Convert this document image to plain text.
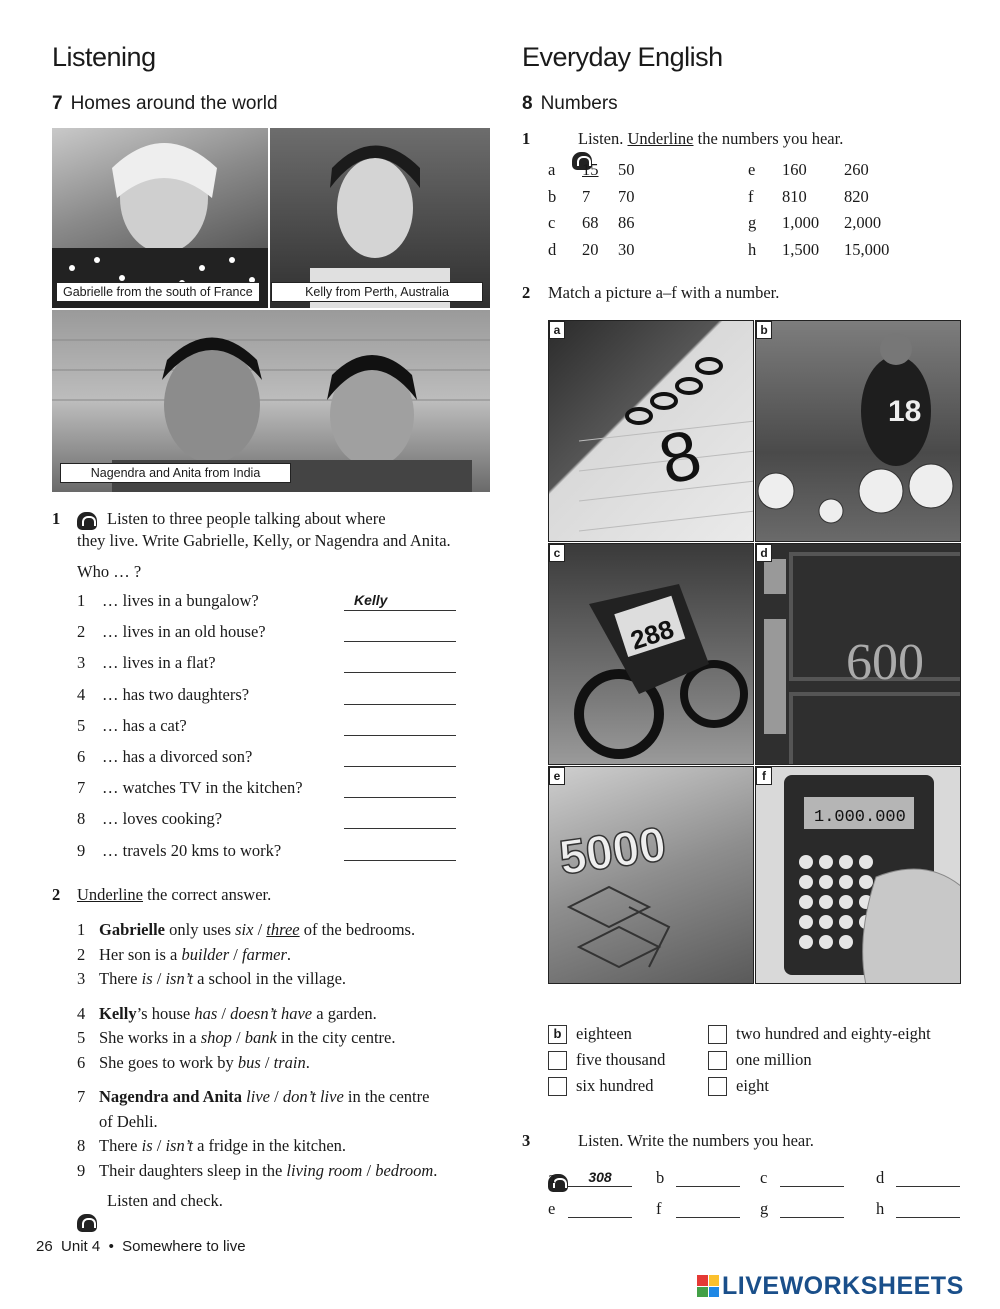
Listening
7 Homes around the world
Gabrielle from the south of France	Kelly from Perth, Australia
Nagendra and Anita from India
1	Listen to three people talking about where
they live. Write Gabrielle, Kelly, or Nagendra and Anita.
Who … ?
1	… lives in a bungalow?	Kelly
2	… lives in an old house?
3	… lives in a flat?
4	… has two daughters?
5	… has a cat?
6	… has a divorced son?
7	… watches TV in the kitchen?
8	… loves cooking?
9	… travels 20 kms to work?
2 Underline the correct answer.
1 Gabrielle only uses six / three of the bedrooms.
2 Her son is a builder / farmer.
3 There is / isn’t a school in the village.
4 Kelly’s house has / doesn’t have a garden.
5 She works in a shop / bank in the city centre.
6 She goes to work by bus / train.
7 Nagendra and Anita live / don’t live in the centre
of Dehli.
8 There is / isn’t a fridge in the kitchen.
9 Their daughters sleep in the living room / bedroom.

Listen and check.
Everyday English
8 Numbers
1	Listen. Underline the numbers you hear.
a 15 50
b 7 70
c 68 86
d 20 30
e 160 260
f 810 820
g 1,000 2,000
h 1,500 15,000
2 Match a picture a–f with a number.
8
a
18
b
288
c
600
d
5000
e
1.000.000
f
b eighteen	two hundred and eighty-eight
five thousand	one million
six hundred	eight
3	Listen. Write the numbers you hear.
a	308	b	c	d
e	f	g	h
26 Unit 4 • Somewhere to live
LIVEWORKSHEETS
